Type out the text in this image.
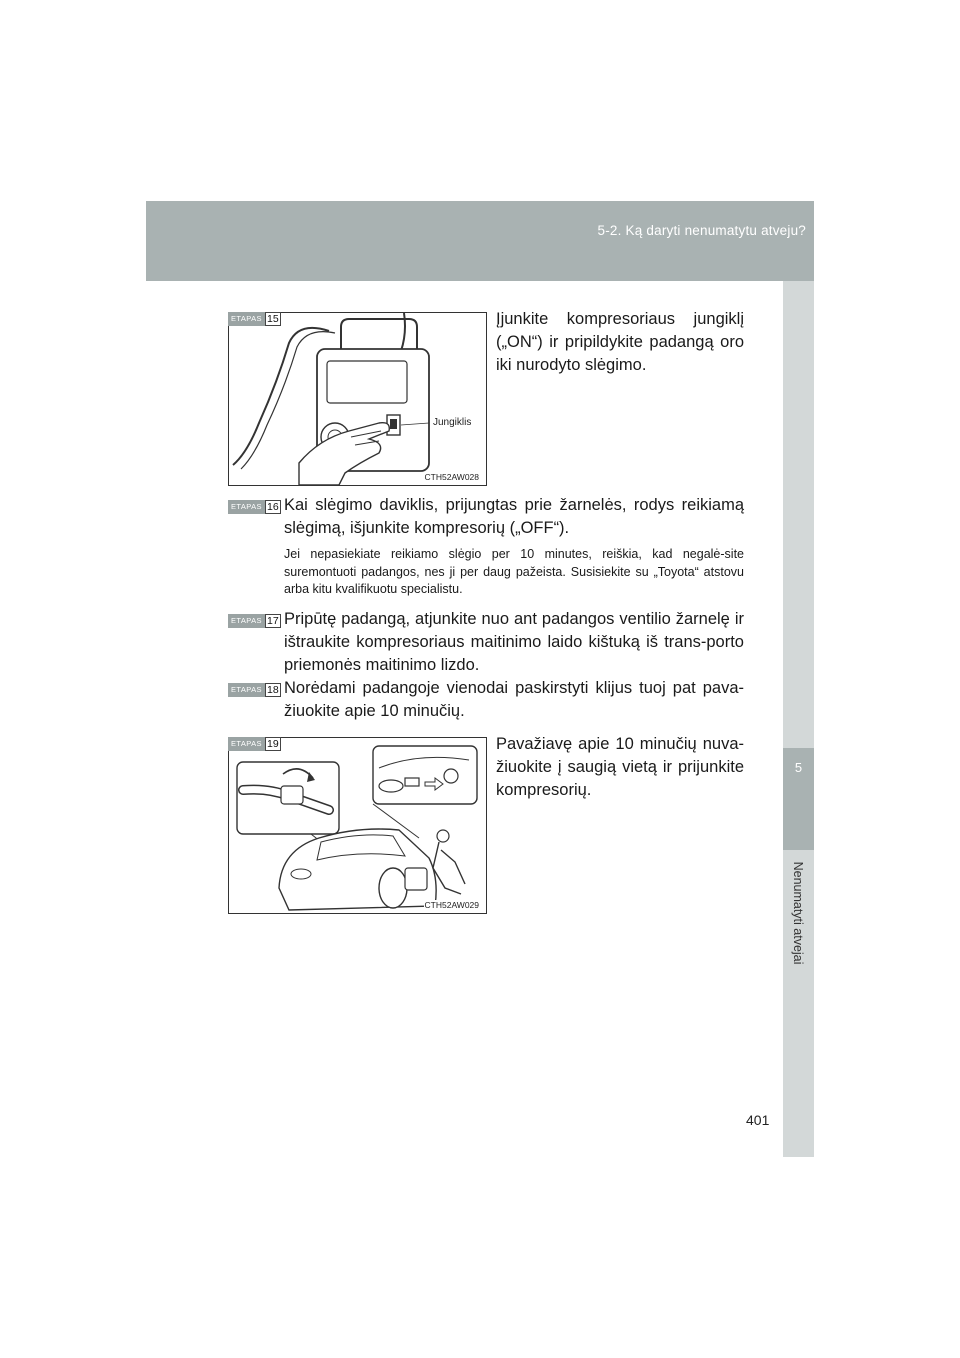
5-2. Ką daryti nenumatytu atveju?
5
Nenumatyti atvejai
Jungiklis
CTH52AW028
ETAPAS 15	Įjunkite kompresoriaus jungiklį („ON“) ir pripildykite padangą oro iki nurodyto slėgimo.

ETAPAS 16 Kai slėgimo daviklis, prijungtas prie žarnelės, rodys reikiamą slėgimą, išjunkite kompresorių („OFF“).

Jei nepasiekiate reikiamo slėgio per 10 minutes, reiškia, kad negalė-site suremontuoti padangos, nes ji per daug pažeista. Susisiekite su „Toyota“ atstovu arba kitu kvalifikuotu specialistu.

ETAPAS 17 Pripūtę padangą, atjunkite nuo ant padangos ventilio žarnelę ir ištraukite kompresoriaus maitinimo laido kištuką iš trans-porto priemonės maitinimo lizdo.

ETAPAS 18 Norėdami padangoje vienodai paskirstyti klijus tuoj pat pava-žiuokite apie 10 minučių.

CTH52AW029
ETAPAS 19	Pavažiavę apie 10 minučių nuva-žiuokite į saugią vietą ir prijunkite kompresorių.

401
